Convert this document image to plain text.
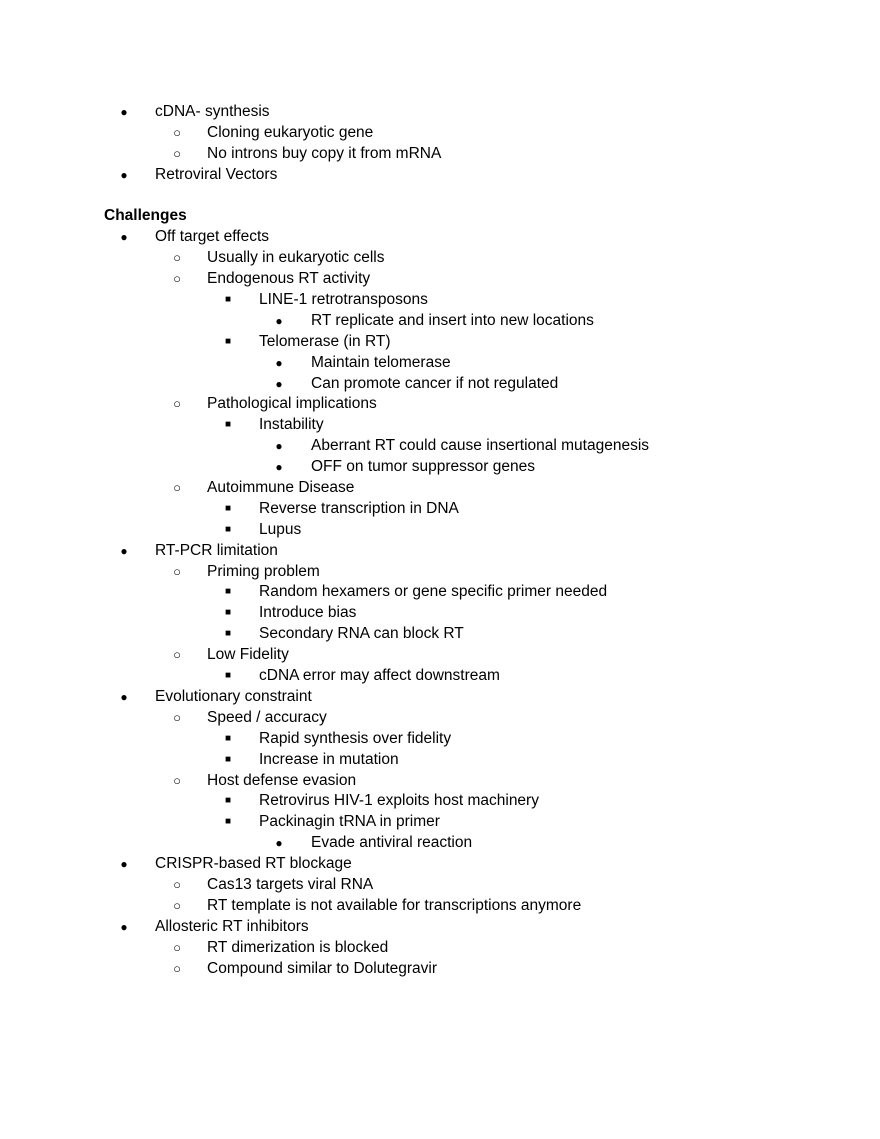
●	cDNA- synthesis
○	Cloning eukaryotic gene
○	No introns buy copy it from mRNA
●	Retroviral Vectors
Challenges
●	Off target effects
○	Usually in eukaryotic cells
○	Endogenous RT activity
■	LINE-1 retrotransposons
●	RT replicate and insert into new locations
■	Telomerase (in RT)
●	Maintain telomerase
●	Can promote cancer if not regulated
○	Pathological implications
■	Instability
●	Aberrant RT could cause insertional mutagenesis
●	OFF on tumor suppressor genes
○	Autoimmune Disease
■	Reverse transcription in DNA
■	Lupus
●	RT-PCR limitation
○	Priming problem
■	Random hexamers or gene specific primer needed
■	Introduce bias
■	Secondary RNA can block RT
○	Low Fidelity
■	cDNA error may affect downstream
●	Evolutionary constraint
○	Speed / accuracy
■	Rapid synthesis over fidelity
■	Increase in mutation
○	Host defense evasion
■	Retrovirus HIV-1 exploits host machinery
■	Packinagin tRNA in primer
●	Evade antiviral reaction
●	CRISPR-based RT blockage
○	Cas13 targets viral RNA
○	RT template is not available for transcriptions anymore
●	Allosteric RT inhibitors
○	RT dimerization is blocked
○	Compound similar to Dolutegravir
